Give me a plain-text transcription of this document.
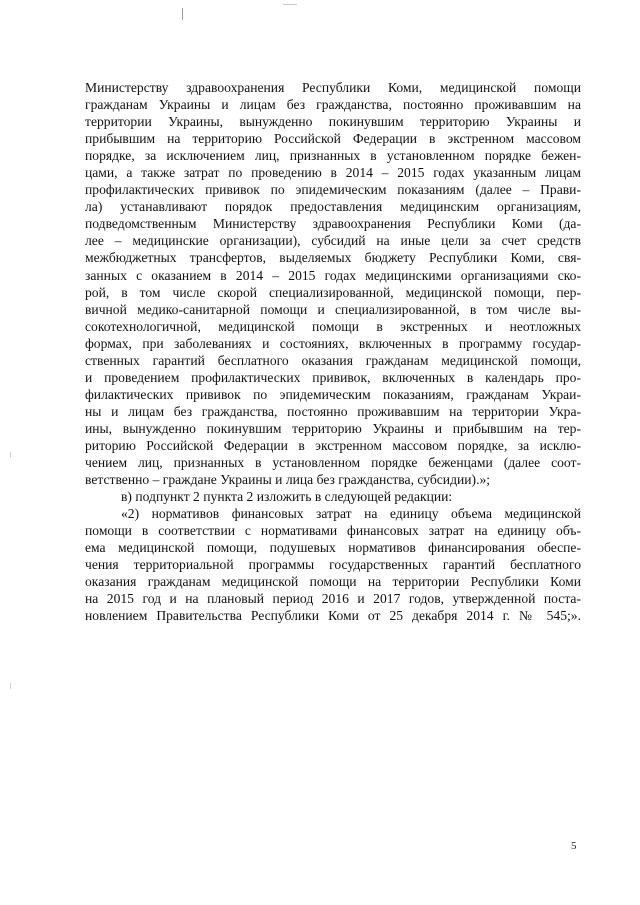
Министерству здравоохранения Республики Коми, медицинской помощи
гражданам Украины и лицам без гражданства, постоянно проживавшим на
территории Украины, вынужденно покинувшим территорию Украины и
прибывшим на территорию Российской Федерации в экстренном массовом
порядке, за исключением лиц, признанных в установленном порядке бежен-
цами, а также затрат по проведению в 2014 – 2015 годах указанным лицам
профилактических прививок по эпидемическим показаниям (далее – Прави-
ла) устанавливают порядок предоставления медицинским организациям,
подведомственным Министерству здравоохранения Республики Коми (да-
лее – медицинские организации), субсидий на иные цели за счет средств
межбюджетных трансфертов, выделяемых бюджету Республики Коми, свя-
занных с оказанием в 2014 – 2015 годах медицинскими организациями ско-
рой, в том числе скорой специализированной, медицинской помощи, пер-
вичной медико-санитарной помощи и специализированной, в том числе вы-
сокотехнологичной, медицинской помощи в экстренных и неотложных
формах, при заболеваниях и состояниях, включенных в программу государ-
ственных гарантий бесплатного оказания гражданам медицинской помощи,
и проведением профилактических прививок, включенных в календарь про-
филактических прививок по эпидемическим показаниям, гражданам Украи-
ны и лицам без гражданства, постоянно проживавшим на территории Укра-
ины, вынужденно покинувшим территорию Украины и прибывшим на тер-
риторию Российской Федерации в экстренном массовом порядке, за исклю-
чением лиц, признанных в установленном порядке беженцами (далее соот-
ветственно – граждане Украины и лица без гражданства, субсидии).»;
в) подпункт 2 пункта 2 изложить в следующей редакции:
«2) нормативов финансовых затрат на единицу объема медицинской
помощи в соответствии с нормативами финансовых затрат на единицу объ-
ема медицинской помощи, подушевых нормативов финансирования обеспе-
чения территориальной программы государственных гарантий бесплатного
оказания гражданам медицинской помощи на территории Республики Коми
на 2015 год и на плановый период 2016 и 2017 годов, утвержденной поста-
новлением Правительства Республики Коми от 25 декабря 2014 г. № 545;».
5
